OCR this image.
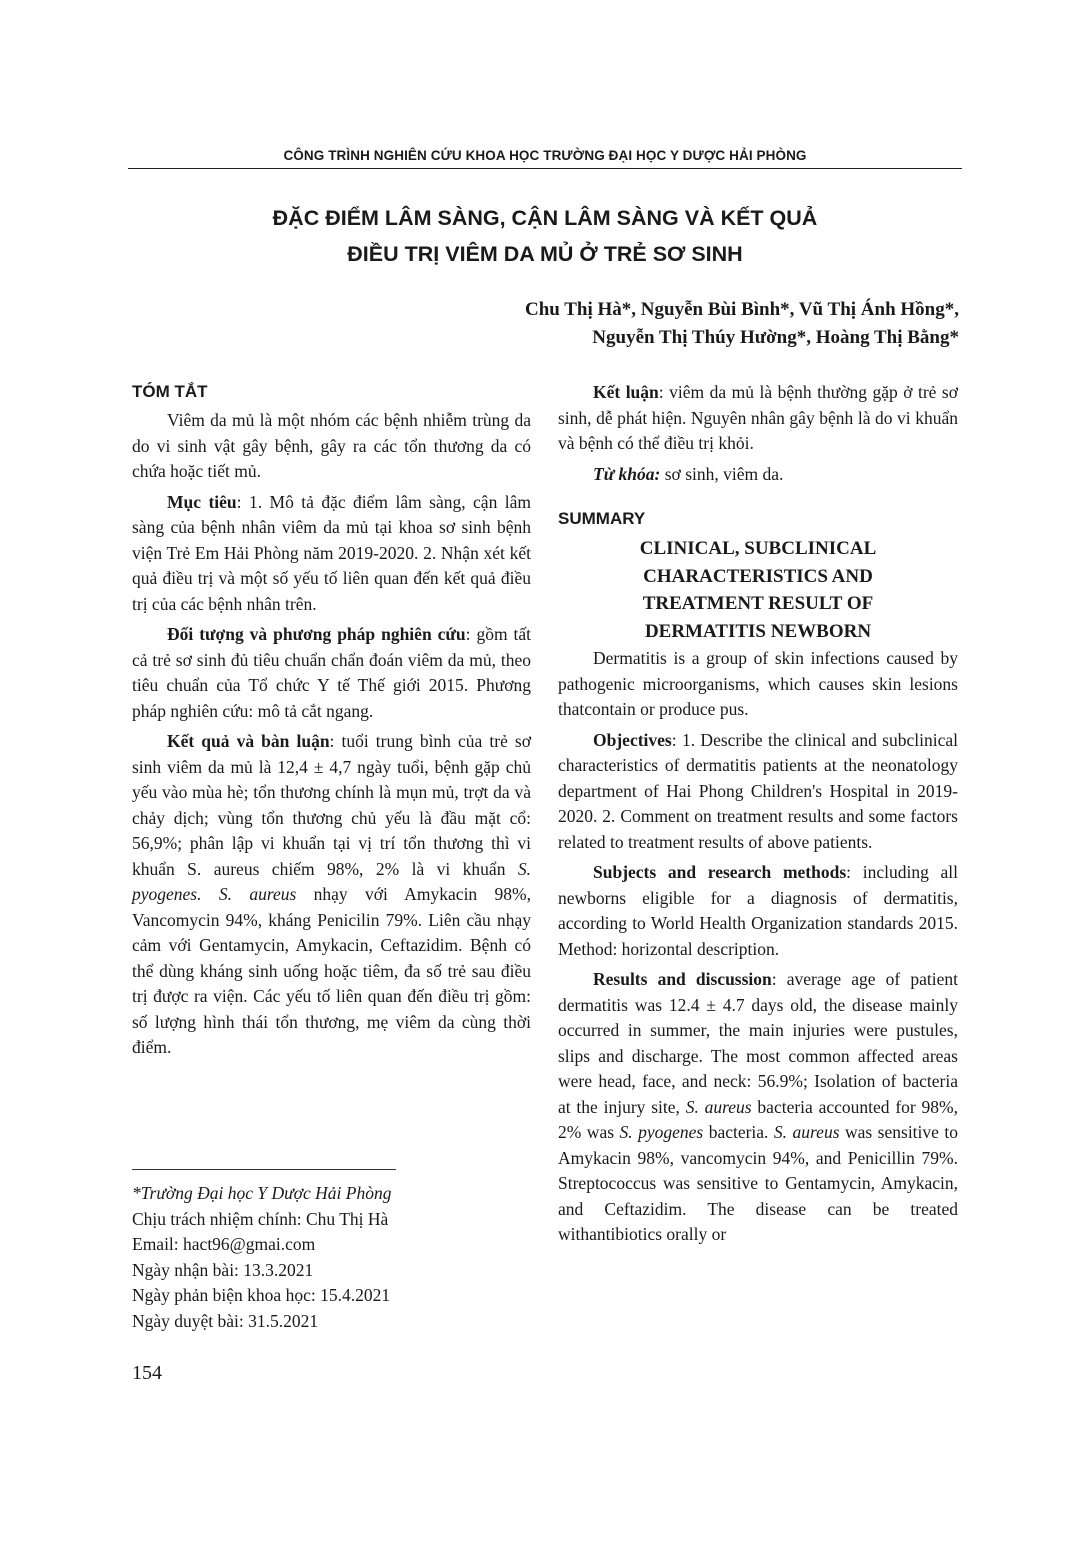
CÔNG TRÌNH NGHIÊN CỨU KHOA HỌC TRƯỜNG ĐẠI HỌC Y DƯỢC HẢI PHÒNG
ĐẶC ĐIỂM LÂM SÀNG, CẬN LÂM SÀNG VÀ KẾT QUẢ
ĐIỀU TRỊ VIÊM DA MỦ Ở TRẺ SƠ SINH
Chu Thị Hà*, Nguyễn Bùi Bình*, Vũ Thị Ánh Hồng*,
Nguyễn Thị Thúy Hường*, Hoàng Thị Bằng*
TÓM TẮT

Viêm da mủ là một nhóm các bệnh nhiễm trùng da do vi sinh vật gây bệnh, gây ra các tổn thương da có chứa hoặc tiết mủ.

Mục tiêu: 1. Mô tả đặc điểm lâm sàng, cận lâm sàng của bệnh nhân viêm da mủ tại khoa sơ sinh bệnh viện Trẻ Em Hải Phòng năm 2019-2020. 2. Nhận xét kết quả điều trị và một số yếu tố liên quan đến kết quả điều trị của các bệnh nhân trên.

Đối tượng và phương pháp nghiên cứu: gồm tất cả trẻ sơ sinh đủ tiêu chuẩn chẩn đoán viêm da mủ, theo tiêu chuẩn của Tổ chức Y tế Thế giới 2015. Phương pháp nghiên cứu: mô tả cắt ngang.

Kết quả và bàn luận: tuổi trung bình của trẻ sơ sinh viêm da mủ là 12,4 ± 4,7 ngày tuổi, bệnh gặp chủ yếu vào mùa hè; tổn thương chính là mụn mủ, trợt da và chảy dịch; vùng tổn thương chủ yếu là đầu mặt cổ: 56,9%; phân lập vi khuẩn tại vị trí tổn thương thì vi khuẩn S. aureus chiếm 98%, 2% là vi khuẩn S. pyogenes. S. aureus nhạy với Amykacin 98%, Vancomycin 94%, kháng Penicilin 79%. Liên cầu nhạy cảm với Gentamycin, Amykacin, Ceftazidim. Bệnh có thể dùng kháng sinh uống hoặc tiêm, đa số trẻ sau điều trị được ra viện. Các yếu tố liên quan đến điều trị gồm: số lượng hình thái tổn thương, mẹ viêm da cùng thời điểm.

*Trường Đại học Y Dược Hải Phòng
Chịu trách nhiệm chính: Chu Thị Hà
Email: hact96@gmai.com
Ngày nhận bài: 13.3.2021
Ngày phản biện khoa học: 15.4.2021
Ngày duyệt bài: 31.5.2021

Kết luận: viêm da mủ là bệnh thường gặp ở trẻ sơ sinh, dễ phát hiện. Nguyên nhân gây bệnh là do vi khuẩn và bệnh có thể điều trị khỏi.

Từ khóa: sơ sinh, viêm da.

SUMMARY
CLINICAL, SUBCLINICAL
CHARACTERISTICS AND
TREATMENT RESULT OF
DERMATITIS NEWBORN

Dermatitis is a group of skin infections caused by pathogenic microorganisms, which causes skin lesions thatcontain or produce pus.

Objectives: 1. Describe the clinical and subclinical characteristics of dermatitis patients at the neonatology department of Hai Phong Children's Hospital in 2019-2020. 2. Comment on treatment results and some factors related to treatment results of above patients.

Subjects and research methods: including all newborns eligible for a diagnosis of dermatitis, according to World Health Organization standards 2015. Method: horizontal description.

Results and discussion: average age of patient dermatitis was 12.4 ± 4.7 days old, the disease mainly occurred in summer, the main injuries were pustules, slips and discharge. The most common affected areas were head, face, and neck: 56.9%; Isolation of bacteria at the injury site, S. aureus bacteria accounted for 98%, 2% was S. pyogenes bacteria. S. aureus was sensitive to Amykacin 98%, vancomycin 94%, and Penicillin 79%. Streptococcus was sensitive to Gentamycin, Amykacin, and Ceftazidim. The disease can be treated withantibiotics orally or

154
